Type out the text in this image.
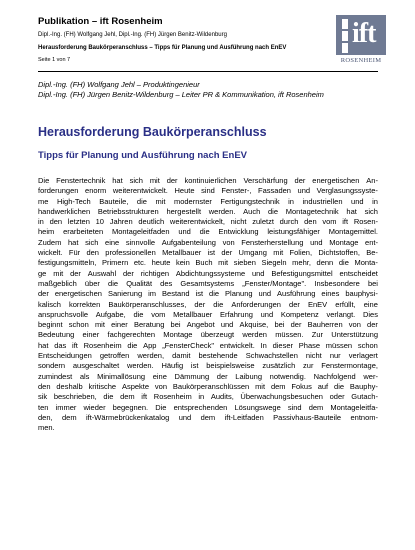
Publikation – ift Rosenheim
Dipl.-Ing. (FH) Wolfgang Jehl, Dipl.-Ing. (FH) Jürgen Benitz-Wildenburg
Herausforderung Baukörperanschluss – Tipps für Planung und Ausführung nach EnEV
Seite 1 von 7
ift
ROSENHEIM
Dipl.-Ing. (FH) Wolfgang Jehl – Produktingenieur
Dipl.-Ing. (FH) Jürgen Benitz-Wildenburg – Leiter PR & Kommunikation, ift Rosenheim
Herausforderung Baukörperanschluss
Tipps für Planung und Ausführung nach EnEV
Die Fenstertechnik hat sich mit der kontinuierlichen Verschärfung der energetischen An-
forderungen enorm weiterentwickelt. Heute sind Fenster-, Fassaden und Verglasungssyste-
me High-Tech Bauteile, die mit modernster Fertigungstechnik in industriellen und in
handwerklichen Betriebsstrukturen hergestellt werden. Auch die Montagetechnik hat sich
in den letzten 10 Jahren deutlich weiterentwickelt, nicht zuletzt durch den vom ift Rosen-
heim erarbeiteten Montageleitfaden und die Entwicklung leistungsfähiger Montagemittel.
Zudem hat sich eine sinnvolle Aufgabenteilung von Fensterherstellung und Montage ent-
wickelt. Für den professionellen Metallbauer ist der Umgang mit Folien, Dichtstoffen, Be-
festigungsmitteln, Primern etc. heute kein Buch mit sieben Siegeln mehr, denn die Monta-
ge mit der Auswahl der richtigen Abdichtungssysteme und Befestigungsmittel entscheidet
maßgeblich über die Qualität des Gesamtsystems „Fenster/Montage". Insbesondere bei
der energetischen Sanierung im Bestand ist die Planung und Ausführung eines bauphysi-
kalisch korrekten Baukörperanschlusses, der die Anforderungen der EnEV erfüllt, eine
anspruchsvolle Aufgabe, die vom Metallbauer Erfahrung und Kompetenz verlangt. Dies
beginnt schon mit einer Beratung bei Angebot und Akquise, bei der Bauherren von der
Bedeutung einer fachgerechten Montage überzeugt werden müssen. Zur Unterstützung
hat das ift Rosenheim die App „FensterCheck" entwickelt. In dieser Phase müssen schon
Entscheidungen getroffen werden, damit bestehende Schwachstellen nicht nur verlagert
sondern ausgeschaltet werden. Häufig ist beispielsweise zusätzlich zur Fenstermontage,
zumindest als Minimallösung eine Dämmung der Laibung notwendig. Nachfolgend wer-
den deshalb kritische Aspekte von Baukörperanschlüssen mit dem Fokus auf die Bauphy-
sik beschrieben, die dem ift Rosenheim in Audits, Überwachungsbesuchen oder Gutach-
ten immer wieder begegnen. Die entsprechenden Lösungswege sind dem Montageleitfa-
den, dem ift-Wärmebrückenkatalog und dem ift-Leitfaden Passivhaus-Bauteile entnom-
men.
